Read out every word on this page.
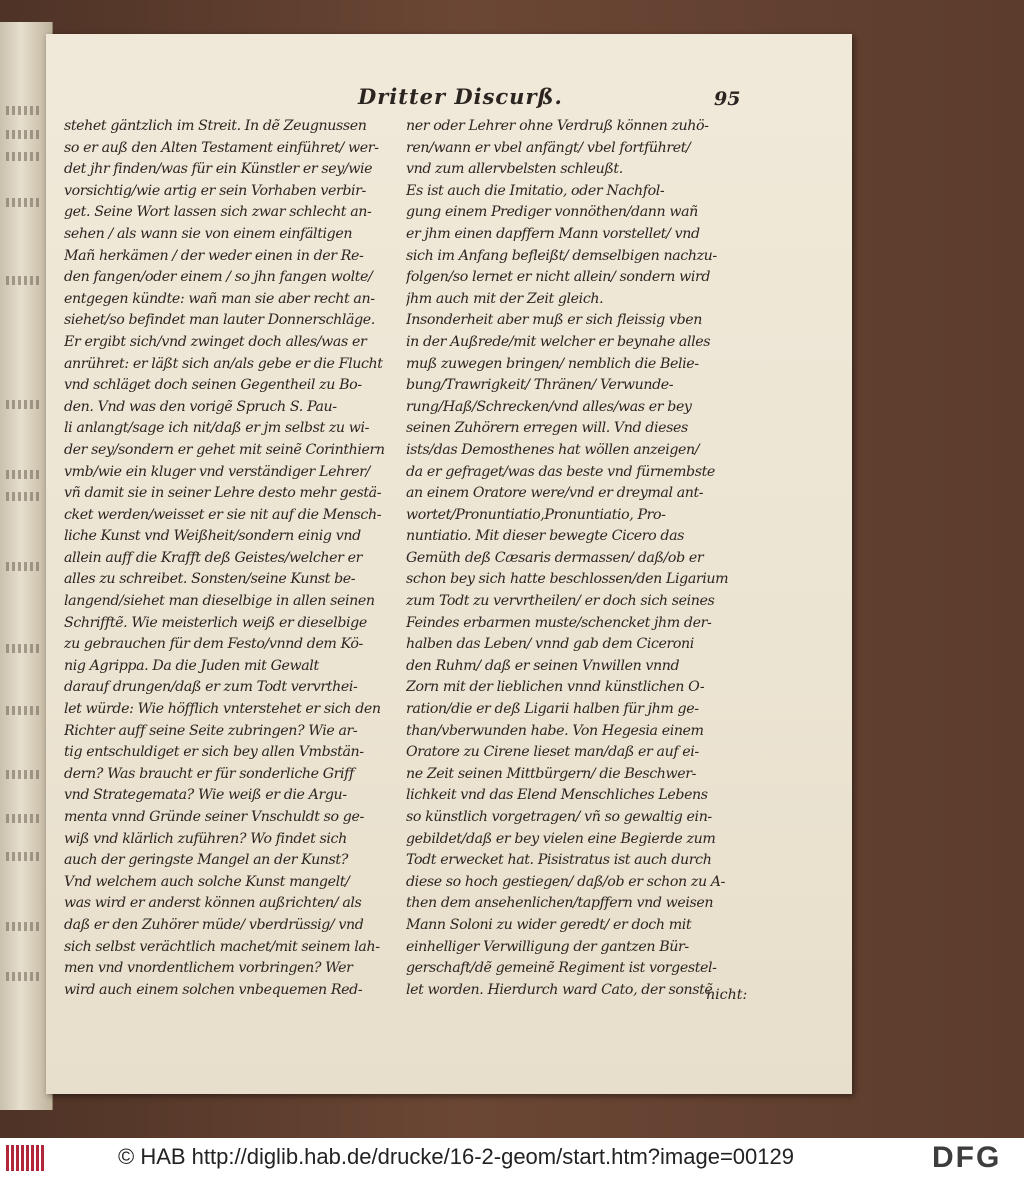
Dritter Discurß.	95
stehet gäntzlich im Streit. In dẽ Zeugnussen
so er auß den Alten Testament einführet/ wer-
det jhr finden/was für ein Künstler er sey/wie
vorsichtig/wie artig er sein Vorhaben verbir-
get. Seine Wort lassen sich zwar schlecht an-
sehen / als wann sie von einem einfältigen
Mañ herkämen / der weder einen in der Re-
den fangen/oder einem / so jhn fangen wolte/
entgegen kündte: wañ man sie aber recht an-
siehet/so befindet man lauter Donnerschläge.
Er ergibt sich/vnd zwinget doch alles/was er
anrühret: er läßt sich an/als gebe er die Flucht
vnd schläget doch seinen Gegentheil zu Bo-
den. Vnd was den vorigẽ Spruch S. Pau-
li anlangt/sage ich nit/daß er jm selbst zu wi-
der sey/sondern er gehet mit seinẽ Corinthiern
vmb/wie ein kluger vnd verständiger Lehrer/
vñ damit sie in seiner Lehre desto mehr gestä-
cket werden/weisset er sie nit auf die Mensch-
liche Kunst vnd Weißheit/sondern einig vnd
allein auff die Krafft deß Geistes/welcher er
alles zu schreibet. Sonsten/seine Kunst be-
langend/siehet man dieselbige in allen seinen
Schrifftẽ. Wie meisterlich weiß er dieselbige
zu gebrauchen für dem Festo/vnnd dem Kö-
nig Agrippa. Da die Juden mit Gewalt
darauf drungen/daß er zum Todt vervrthei-
let würde: Wie höfflich vnterstehet er sich den
Richter auff seine Seite zubringen? Wie ar-
tig entschuldiget er sich bey allen Vmbstän-
dern? Was braucht er für sonderliche Griff
vnd Strategemata? Wie weiß er die Argu-
menta vnnd Gründe seiner Vnschuldt so ge-
wiß vnd klärlich zuführen? Wo findet sich
auch der geringste Mangel an der Kunst?
Vnd welchem auch solche Kunst mangelt/
was wird er anderst können außrichten/ als
daß er den Zuhörer müde/ vberdrüssig/ vnd
sich selbst verächtlich machet/mit seinem lah-
men vnd vnordentlichem vorbringen? Wer
wird auch einem solchen vnbequemen Red-
ner oder Lehrer ohne Verdruß können zuhö-
ren/wann er vbel anfängt/ vbel fortführet/
vnd zum allervbelsten schleußt.
Es ist auch die Imitatio, oder Nachfol-
gung einem Prediger vonnöthen/dann wañ
er jhm einen dapffern Mann vorstellet/ vnd
sich im Anfang befleißt/ demselbigen nachzu-
folgen/so lernet er nicht allein/ sondern wird
jhm auch mit der Zeit gleich.
Insonderheit aber muß er sich fleissig vben
in der Außrede/mit welcher er beynahe alles
muß zuwegen bringen/ nemblich die Belie-
bung/Trawrigkeit/ Thränen/ Verwunde-
rung/Haß/Schrecken/vnd alles/was er bey
seinen Zuhörern erregen will. Vnd dieses
ists/das Demosthenes hat wöllen anzeigen/
da er gefraget/was das beste vnd fürnembste
an einem Oratore were/vnd er dreymal ant-
wortet/Pronuntiatio,Pronuntiatio, Pro-
nuntiatio. Mit dieser bewegte Cicero das
Gemüth deß Cæsaris dermassen/ daß/ob er
schon bey sich hatte beschlossen/den Ligarium
zum Todt zu vervrtheilen/ er doch sich seines
Feindes erbarmen muste/schencket jhm der-
halben das Leben/ vnnd gab dem Ciceroni
den Ruhm/ daß er seinen Vnwillen vnnd
Zorn mit der lieblichen vnnd künstlichen O-
ration/die er deß Ligarii halben für jhm ge-
than/vberwunden habe. Von Hegesia einem
Oratore zu Cirene lieset man/daß er auf ei-
ne Zeit seinen Mittbürgern/ die Beschwer-
lichkeit vnd das Elend Menschliches Lebens
so künstlich vorgetragen/ vñ so gewaltig ein-
gebildet/daß er bey vielen eine Begierde zum
Todt erwecket hat. Pisistratus ist auch durch
diese so hoch gestiegen/ daß/ob er schon zu A-
then dem ansehenlichen/tapffern vnd weisen
Mann Soloni zu wider geredt/ er doch mit
einhelliger Verwilligung der gantzen Bür-
gerschaft/dẽ gemeinẽ Regiment ist vorgestel-
let worden. Hierdurch ward Cato, der sonstẽ
nicht:
© HAB http://diglib.hab.de/drucke/16-2-geom/start.htm?image=00129	DFG
